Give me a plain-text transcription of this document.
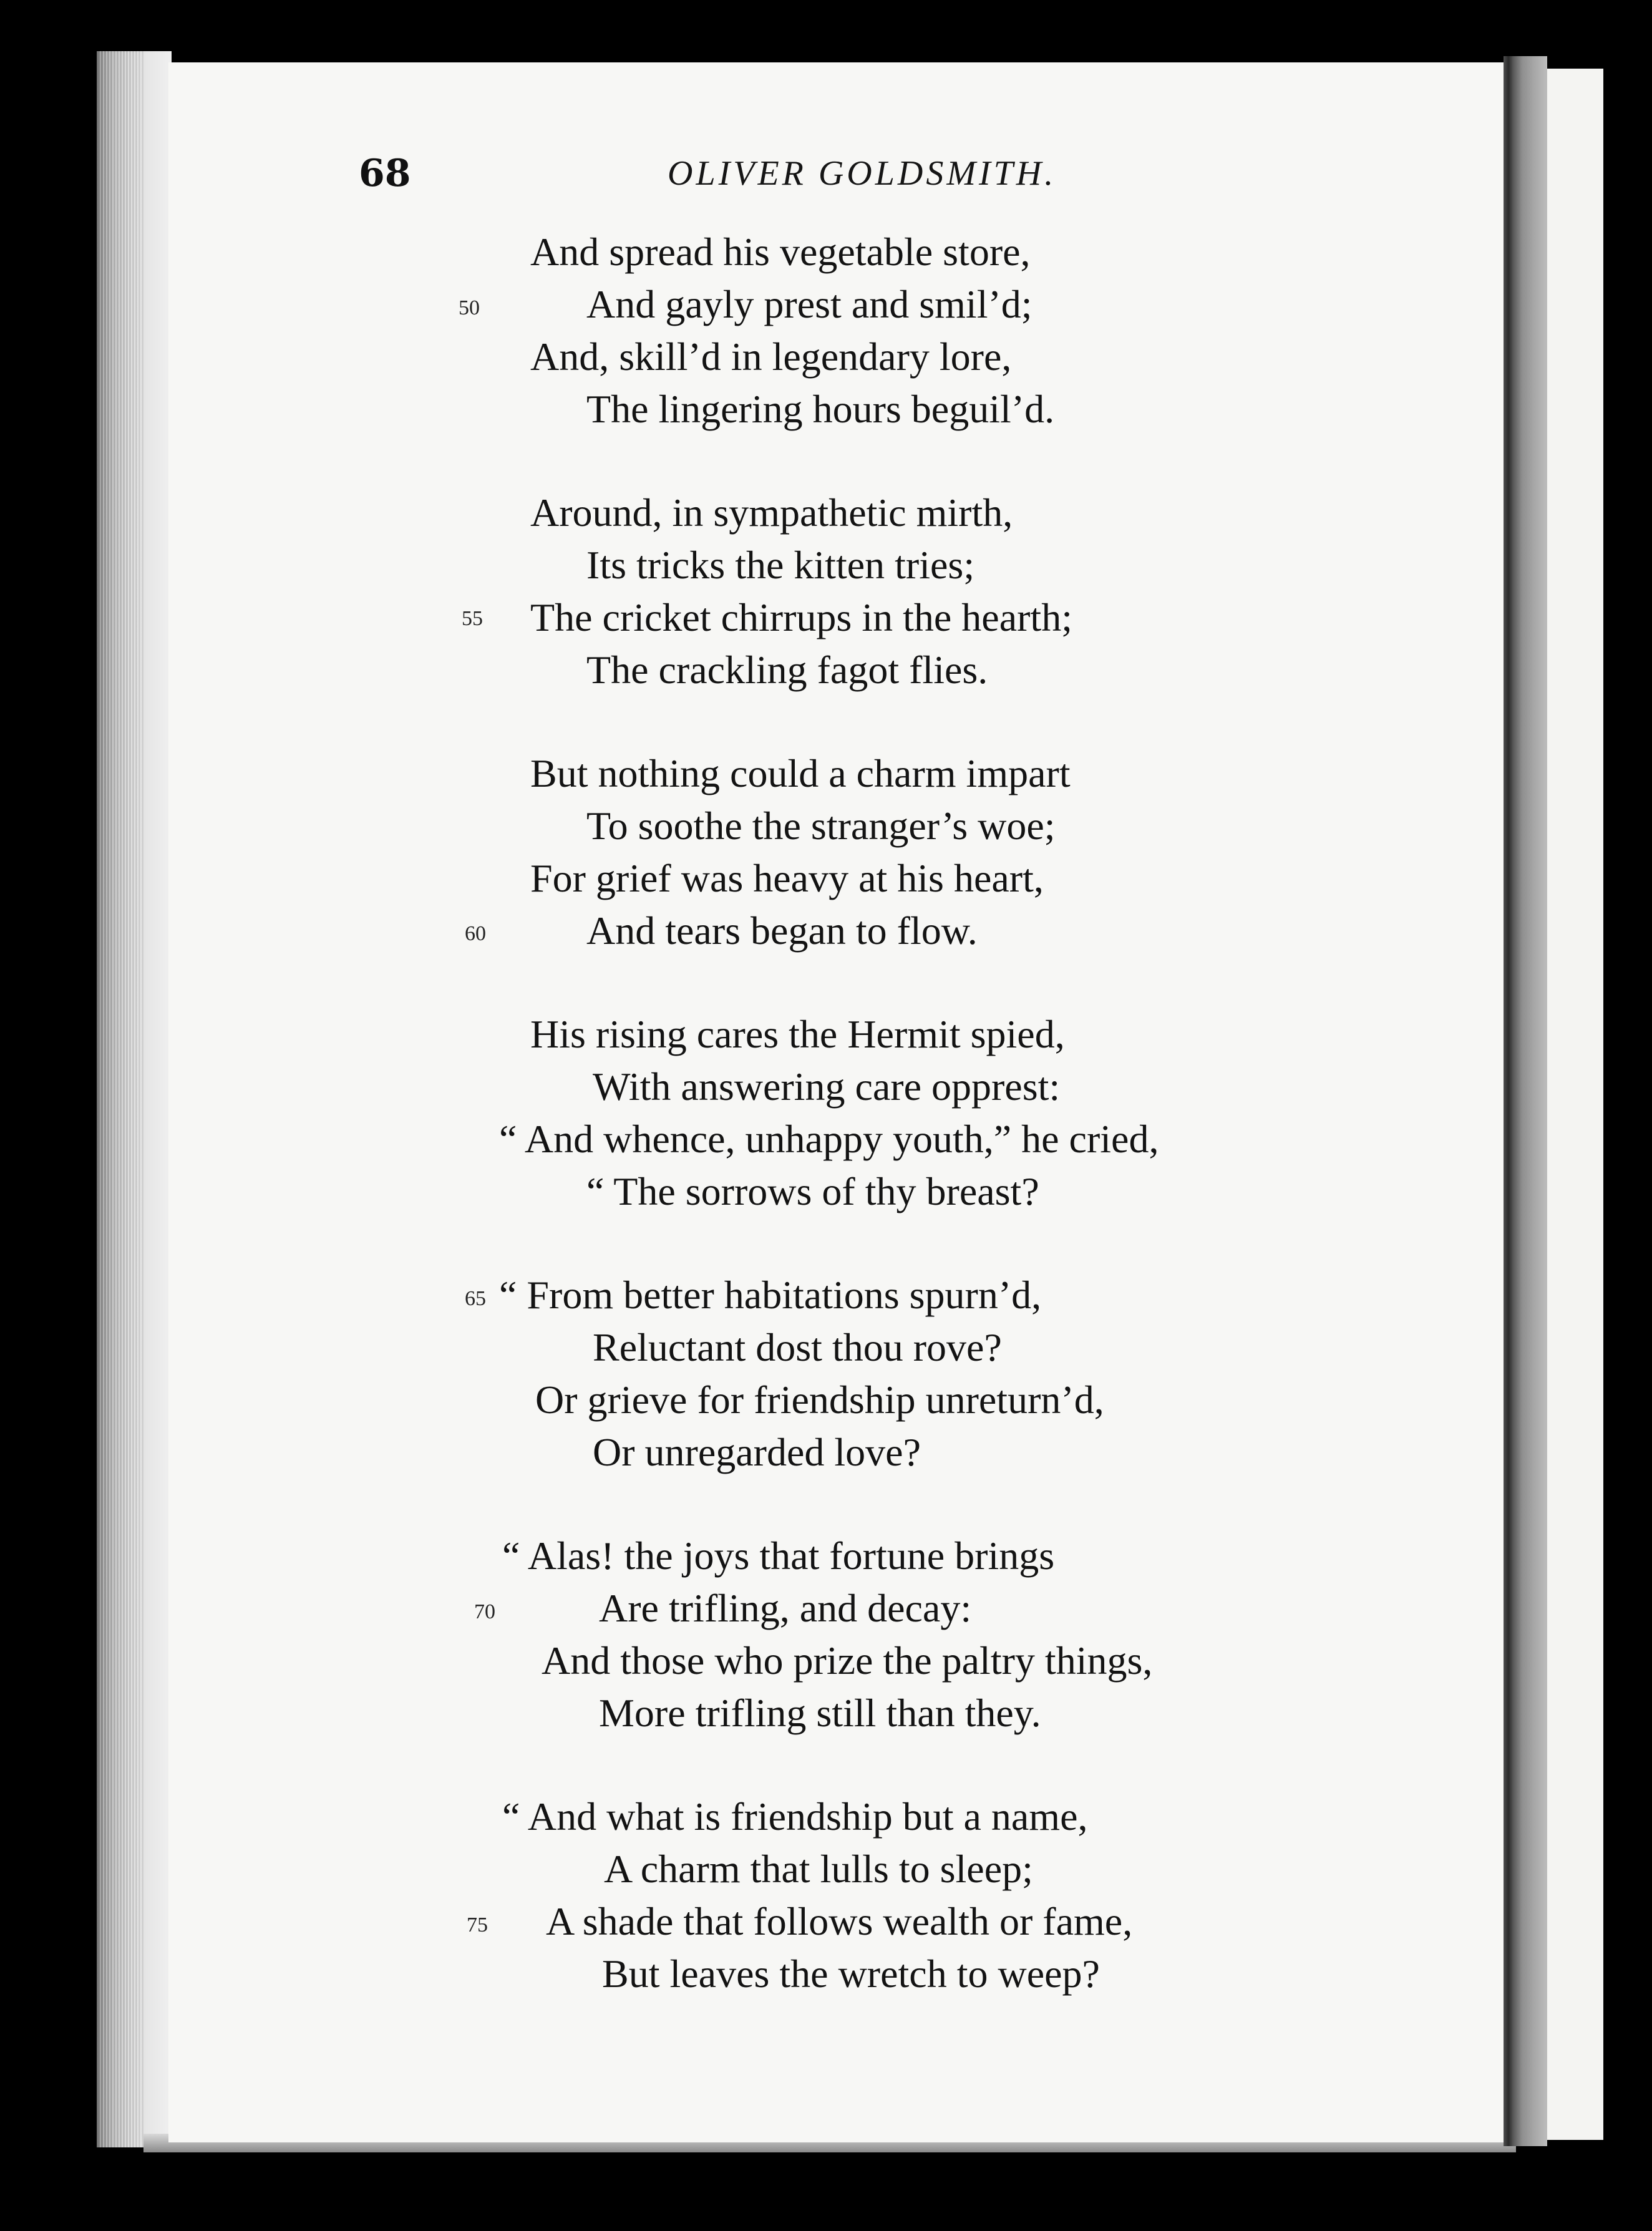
68	OLIVER GOLDSMITH.
And spread his vegetable store,
And gayly prest and smil’d;
50
And, skill’d in legendary lore,
The lingering hours beguil’d.
Around, in sympathetic mirth,
Its tricks the kitten tries;
55 The cricket chirrups in the hearth;
The crackling fagot flies.
But nothing could a charm impart
To soothe the stranger’s woe;
For grief was heavy at his heart,
60	And tears began to flow.
His rising cares the Hermit spied,
With answering care opprest:
“ And whence, unhappy youth,” he cried,
“ The sorrows of thy breast?
65 “ From better habitations spurn’d,
Reluctant dost thou rove?
Or grieve for friendship unreturn’d,
Or unregarded love?
“ Alas! the joys that fortune brings
70	Are trifling, and decay:
And those who prize the paltry things,
More trifling still than they.
“ And what is friendship but a name,
A charm that lulls to sleep;
75 A shade that follows wealth or fame,
But leaves the wretch to weep?
